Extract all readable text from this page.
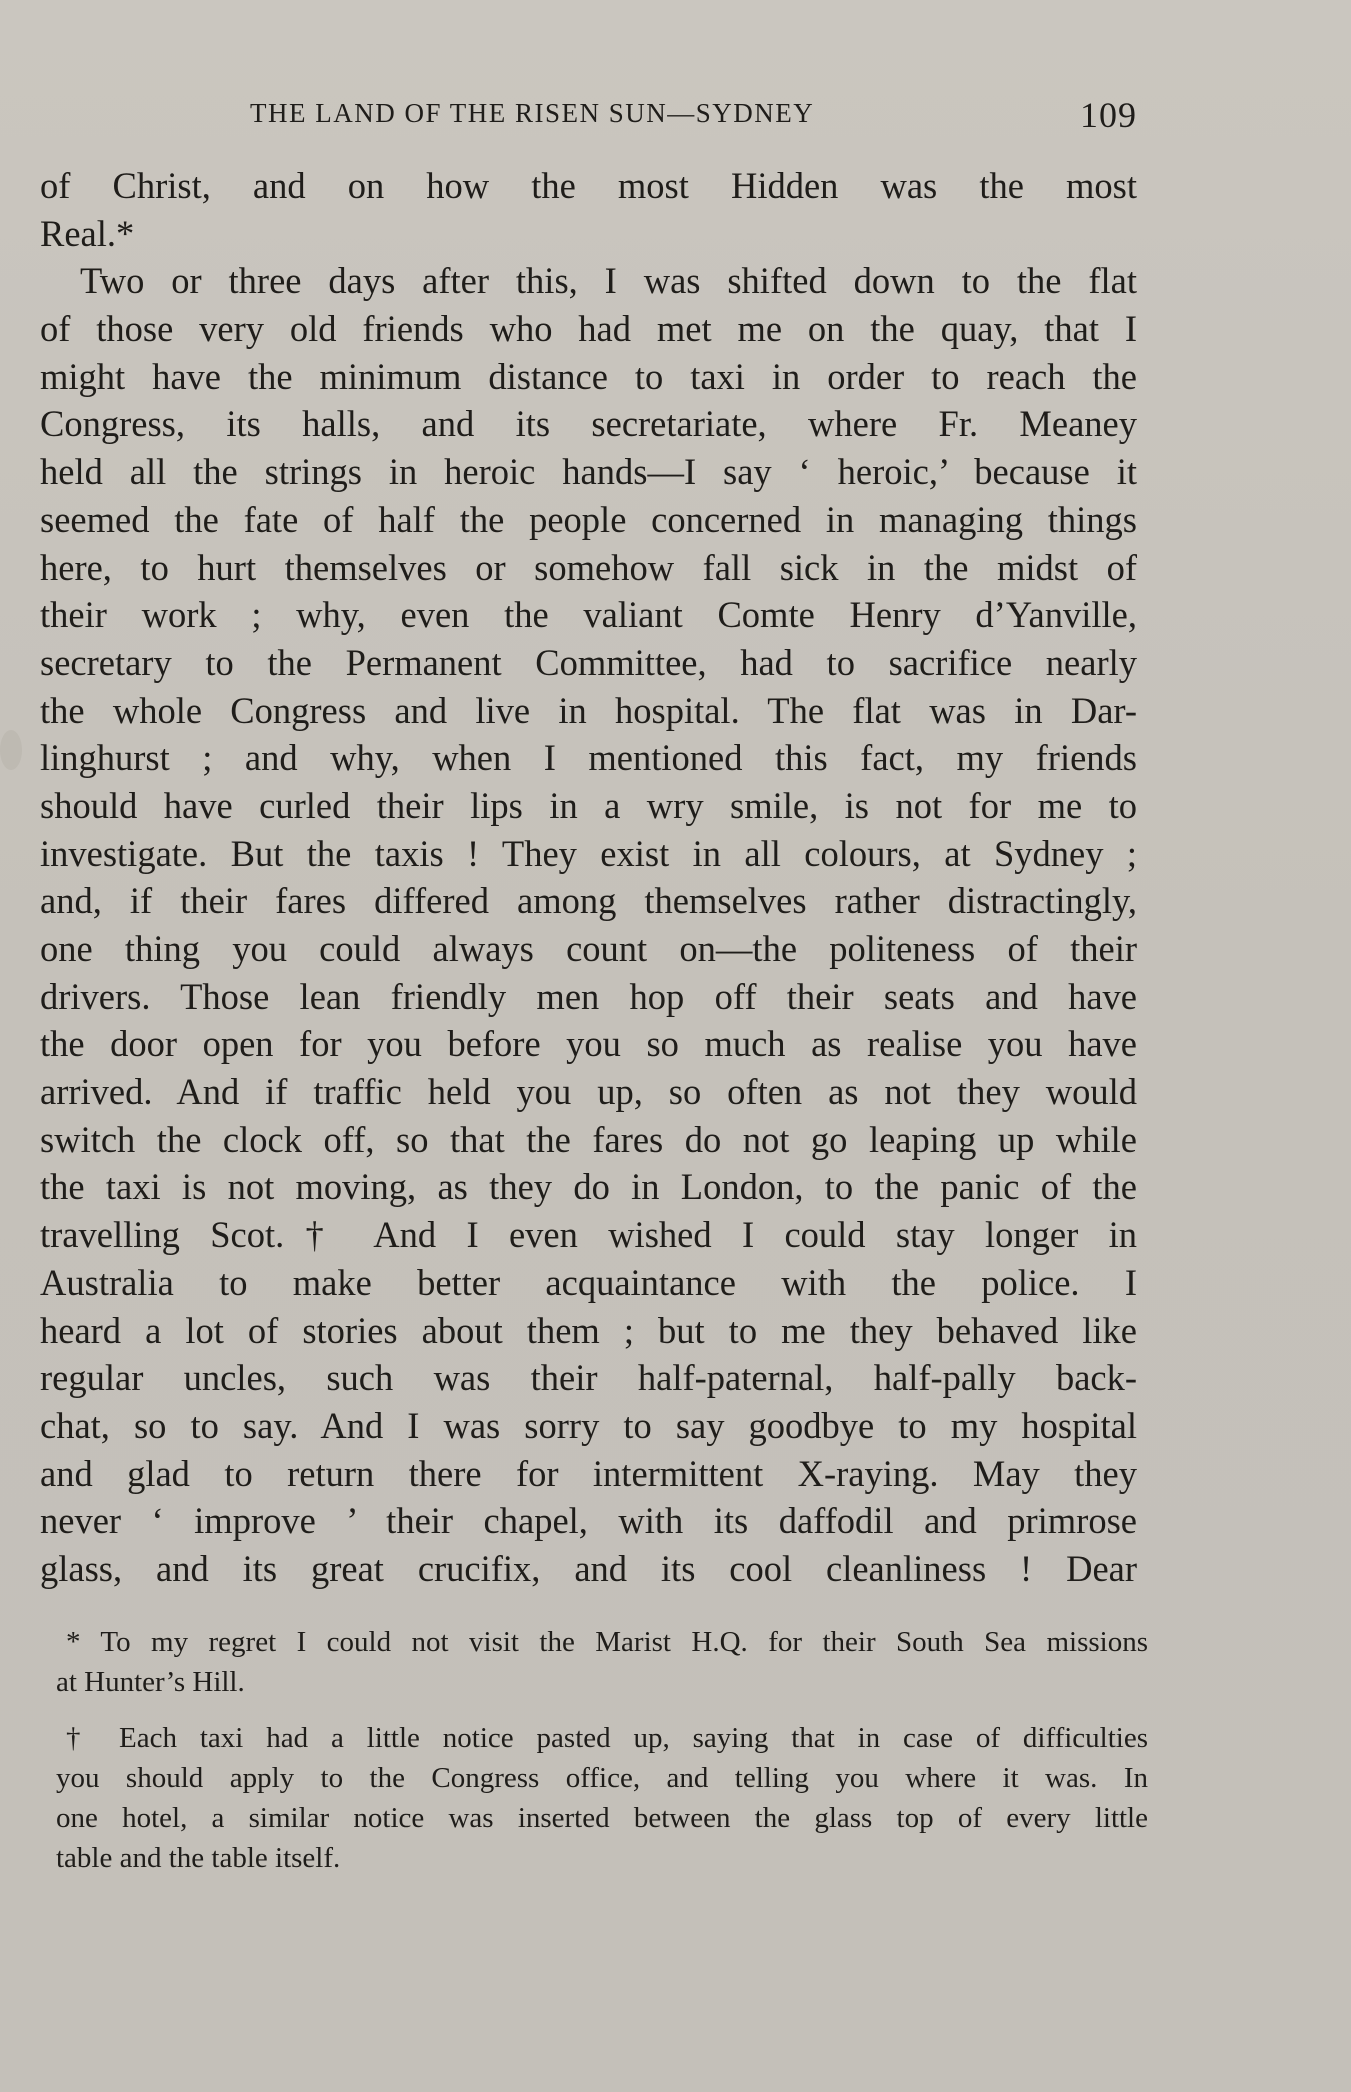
THE LAND OF THE RISEN SUN—SYDNEY	109
of Christ, and on how the most Hidden was the most
Real.*
Two or three days after this, I was shifted down to the flat
of those very old friends who had met me on the quay, that I
might have the minimum distance to taxi in order to reach the
Congress, its halls, and its secretariate, where Fr. Meaney
held all the strings in heroic hands—I say ‘ heroic,’ because it
seemed the fate of half the people concerned in managing things
here, to hurt themselves or somehow fall sick in the midst of
their work ; why, even the valiant Comte Henry d’Yanville,
secretary to the Permanent Committee, had to sacrifice nearly
the whole Congress and live in hospital. The flat was in Dar-
linghurst ; and why, when I mentioned this fact, my friends
should have curled their lips in a wry smile, is not for me to
investigate. But the taxis ! They exist in all colours, at Sydney ;
and, if their fares differed among themselves rather distractingly,
one thing you could always count on—the politeness of their
drivers. Those lean friendly men hop off their seats and have
the door open for you before you so much as realise you have
arrived. And if traffic held you up, so often as not they would
switch the clock off, so that the fares do not go leaping up while
the taxi is not moving, as they do in London, to the panic of the
travelling Scot.† And I even wished I could stay longer in
Australia to make better acquaintance with the police. I
heard a lot of stories about them ; but to me they behaved like
regular uncles, such was their half-paternal, half-pally back-
chat, so to say. And I was sorry to say goodbye to my hospital
and glad to return there for intermittent X-raying. May they
never ‘ improve ’ their chapel, with its daffodil and primrose
glass, and its great crucifix, and its cool cleanliness ! Dear
* To my regret I could not visit the Marist H.Q. for their South Sea missions
at Hunter’s Hill.
† Each taxi had a little notice pasted up, saying that in case of difficulties
you should apply to the Congress office, and telling you where it was. In
one hotel, a similar notice was inserted between the glass top of every little
table and the table itself.
